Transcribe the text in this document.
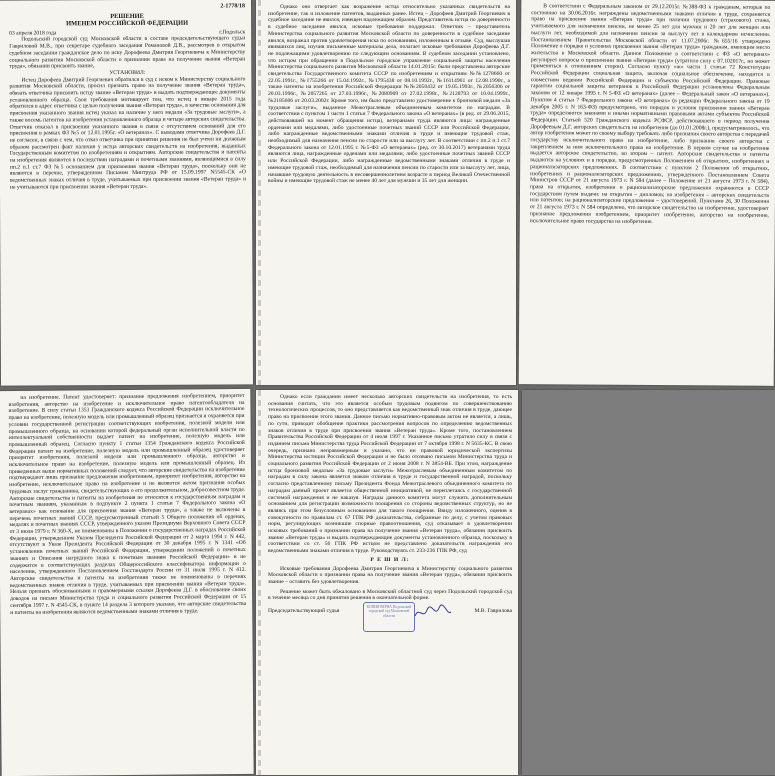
2-1778/18
РЕШЕНИЕ
ИМЕНЕМ РОССИЙСКОЙ ФЕДЕРАЦИИ
03 апреля 2018 года	г.Подольск

Подольский городской суд Московской области в составе председательствующего судьи Гавриловой М.В., при секретаре судебного заседания Романовой Д.В., рассмотрев в открытом судебном заседании гражданское дело по иску Дорофеева Дмитрия Георгиевича к Министерству социального развития Московской области о признании права на получение звания «Ветеран труда», обязании присвоить звание,

УСТАНОВИЛ:

Истец Дорофеев Дмитрий Георгиевич обратился в суд с иском к Министерству социального развития Московской области, просил признать право на получение звания «Ветеран труда», обязать ответчика присвоить истцу звание «Ветеран труда» и выдать подтверждающее документы установленного образца. Свои требования мотивирует тем, что истец в январе 2015 года обратился в адрес ответчика с целью получения звания «Ветеран труда», в качестве основания для присвоения указанного звания истец указал на наличие у него медали «За трудовые заслуги», а также восемь патентов на изобретения установленного образца и четыре авторских свидетельства. Ответчик отказал в присвоении указанного звания в связи с отсутствием оснований для его присвоения в рамках ФЗ №5 от 12.01.1995г. «О ветеранах». С выводами ответчика Дорофеев Д.Г. не согласен, в связи с чем, что отказ ответчика при принятии решения не был учтен ни должным образом рассмотрен факт наличия у истца авторских свидетельств на изобретения, выданных Государственным комитетом по изобретениям и открытиям. Авторские свидетельства и патенты на изобретения являются в последствии наградами и почетными званиями, являющимися в силу пп.2 п.1 ст.7 ФЗ №5 основанием для присвоения звания «Ветеран труда», поскольку они не являются в перечне, утвержденном Письмом Минтруда РФ от 15.09.1997 N5545-СК «О ведомственных знаках отличия в труде, учитываемых при присвоении звания «Ветеран труда» и не учитываются при присвоении звания «Ветеран труда».

Однако оно отвергает как возражение истца относительно указанных свидетельств на изобретение, так и изложение патентов, выданных ранее. Истец – Дорофеев Дмитрий Георгиевич в судебное заседание не явился, извещен надлежащим образом. Представитель истца по доверенности в судебное заседание явился, исковые требования поддержал. Ответчик – представитель Министерства социального развития Московской области по доверенности в судебное заседание явился, возражал против удовлетворения иска по основаниям, изложенным в отзыве. Суд, выслушав явившихся лиц, изучив письменные материалы дела, полагает исковые требования Дорофеева Д.Г. не подлежащими удовлетворению по следующим основаниям. В судебном заседании установлено, что истцом при обращении в Подольское городское управление социальной защиты населения Министерства социального развития Московской области 14.01.2015г. были представлены авторские свидетельства Государственного комитета СССР по изобретениям и открытиям №№1278660 от 22.05.1991г., №1755266 от 15.04.1992г., №1795438 от 08.10.1992г., №16114961 от 12.08.1990г., а также патенты на изобретения Российской Федерации №№2050432 от 19.05.1993г., №2056306 от 20.03.1996г., №2057265 от 27.03.1996г., №2080909 от 27.02.1998г., №2128793 от 10.04.1999г., №2185606 от 20.03.2002г. Кроме того, им было представлено удостоверение к бронзовой медали «За трудовые заслуги», выданное Межотраслевым объединенным комитетом по наградам. В соответствии с пунктом 1 части 1 статьи 7 Федерального закона «О ветеранах» (в ред. от 29.06.2015, действовавшей на момент обращения истца), ветеранами труда являются лица: награжденные орденами или медалями, либо удостоенные почетных званий СССР или Российской Федерации, либо награжденные ведомственными знаками отличия в труде и имеющие трудовой стаж, необходимый для назначения пенсии по старости или за выслугу лет. В соответствии с пп.2 п.1 ст.7 Федерального закона от 12.01.1995 г. №5-ФЗ «О ветеранах» (ред. от 30.10.2017) ветеранами труда являются лица, награжденные орденами или медалями, либо удостоенные почетных званий СССР или Российской Федерации, либо награжденные ведомственными знаками отличия в труде и имеющие трудовой стаж, необходимый для назначения пенсии по старости или за выслугу лет, лица, начавшие трудовую деятельность в несовершеннолетнем возрасте в период Великой Отечественной войны и имеющие трудовой стаж не менее 40 лет для мужчин и 35 лет для женщин.

В соответствии с Федеральным законом от 29.12.2015г. №388-ФЗ к гражданам, которые по состоянию на 30.06.2016г. награждены ведомственными знаками отличия в труде, сохраняется право на присвоение звания «Ветеран труда» при наличии трудового (страхового) стажа, учитываемого для назначения пенсии, не менее 25 лет для мужчин и 20 лет для женщин или выслуги лет, необходимой для назначения пенсии за выслугу лет в календарном исчислении. Постановлением Правительства Московской области от 11.07.2006г. №655/16 утверждено Положение о порядке и условиях присвоения звания «Ветеран труда» гражданам, имеющим место жительства в Московской области. Данное Положение в соответствии с ФЗ «О ветеранах» регулирует вопросы о присвоении звания «Ветеран труда» (утратило силу с 07.102017г., но может применяться к отношениям сторон). Согласно пункту «ж» части 1 статьи 72 Конституции Российской Федерации социальная защита, включая социальное обеспечение, находится в совместном ведении Российской Федерации и субъектов Российской Федерации. Правовые гарантии социальной защиты ветеранов в Российской Федерации установлены Федеральным законом от 12 января 1995 г. N 5-ФЗ «О ветеранах» (далее – Федеральный закон «О ветеранах»). Пунктом 4 статьи 7 Федерального закона «О ветеранах» (в редакции Федерального закона от 19 декабря 2005 г. N 163-ФЗ) предусмотрено, что порядок и условия присвоения звания «Ветеран труда» определяются законами и иными нормативными правовыми актами субъектов Российской Федерации. Статьей 520 Гражданского кодекса РСФСР, действовавшего в период получения Дорофеевым Д.Г. авторских свидетельств на изобретения (до 01.01.2008г.), предусматривалось, что автор изобретения может по своему выбору требовать либо признания своего авторства с передачей государству исключительного права на изобретение, либо признания своего авторства с закреплением за ним исключительного права на изобретение. В первом случае на изобретение выдается авторское свидетельство, во втором – патент. Авторские свидетельства и патенты выдаются на условиях и в порядке, предусмотренных Положением об открытиях, изобретениях и рационализаторских предложениях. В соответствии с пунктом 2 Положения об открытиях, изобретениях и рационализаторских предложениях, утвержденного Постановлением Совета Министров СССР от 21 августа 1973 г. N 584 (далее – Положение от 21 августа 1973 г. N 584), права на открытия, изобретения и рационализаторские предложения охраняются в СССР государством путем выдачи: на открытия – дипломов; на изобретения – авторских свидетельств или патентов; на рационализаторские предложения – удостоверений. Пунктами 26, 30 Положения от 21 августа 1973 г. N 584 определено, что авторское свидетельство на изобретение, удостоверяет признание предложения изобретением, приоритет изобретения, авторство на изобретение, исключительное право государства на изобретение.

на изобретение. Патент удостоверяет: признание предложения изобретением, приоритет изобретения, авторство на изобретение и исключительное право патентообладателя на изобретение. В силу статьи 1353 Гражданского кодекса Российской Федерации исключительное право на изобретение, полезную модель или промышленный образец признается и охраняется при условии государственной регистрации соответствующих изобретения, полезной модели или промышленного образца, на основании которой федеральный орган исполнительной власти по интеллектуальной собственности выдает патент на изобретение, полезную модель или промышленный образец. Согласно пункту 1 статьи 1354 Гражданского кодекса Российской Федерации патент на изобретение, полезную модель или промышленный образец удостоверяет приоритет изобретения, полезной модели или промышленного образца, авторство и исключительное право на изобретение, полезную модель или промышленный образец. Из приведенных выше нормативных положений следует, что авторские свидетельства на изобретение подтверждают лишь признание предложения изобретением, приоритет изобретения, авторство на изобретение, исключительное право на изобретение и не являются актом признания особых трудовых заслуг гражданина, свидетельствующих о его продолжительном, добросовестном труде. Авторские свидетельства и патенты на изобретения не относятся к государственным наградам и почетным званиям, указанным в подпункте 2 пункта 1 статьи 7 Федерального закона «О ветеранах» как основание для присвоения звания «Ветеран труда», а также не включены в перечень почетных званий СССР, предусмотренный статьей 5 Общего положения об орденах, медалях и почетных званиях СССР, утвержденного указом Президиума Верховного Совета СССР от 3 июля 1979 г. N 360-X, не поименованы в Положении о государственных наградах Российской Федерации, утвержденном Указом Президента Российской Федерации от 2 марта 1994 г. N 442, отсутствуют в Указе Президента Российской Федерации от 30 декабря 1995 г. N 1341 «Об установлении почетных званий Российской Федерации, утверждении положений о почетных званиях и Описания нагрудного знака к почетным званиям Российской Федерации» и не содержатся в соответствующих разделах Общероссийского классификатора информации о населении, утвержденного Постановлением Госстандарта России от 31 июля 1995 г. N 412. Авторские свидетельства и патенты на изобретения также не поименованы в перечнях ведомственных знаков отличия в труде, учитываемых при присвоении звания «Ветеран труда». Нельзя признать обоснованными и правомерными ссылки Дорофеева Д.Г. в обоснование своих доводов на письмо Министерства труда и социального развития Российской Федерации от 15 сентября 1997 г. N 4545-СК, в пункте 14 раздела 3 которого указано, что авторские свидетельства и патенты на изобретения являются ведомственными знаками отличия в труде.

Однако если гражданин имеет несколько авторских свидетельств на изобретения, то есть основания считать, что это является особым трудовым подвигом по совершенствованию технологических процессов, то оно представляется как ведомственный знак отличия в труде, дающее право на присвоение этого звания. Данное письмо нормативно-правовым актом не является, а лишь, по сути, приводит обобщение практики рассмотрения вопросов по определению ведомственных знаков отличия в труде при присвоении звания «Ветеран труда». Кроме того, постановлением Правительства Российской Федерации от 4 июля 1997 г. Указанное письмо утратило силу в связи с изданием письма Министерства труда Российской Федерации от 7 октября 1998 г. N 5635-КС. В свою очередь, признано неправомерным и указано, что ни правовой юридической экспертизы Министерства юстиции Российской Федерации и не было отозвано письмом Министерства труда и социального развития Российской Федерации от 2 июня 2008 г. N 3854-ВБ. При этом, награждение истца бронзовой медалью «За трудовые заслуги» Межотраслевым объединенным комитетом по наградам в силу закона является знаком отличия в труде и государственной наградой, поскольку согласно представленному письму Президента Фонда Межотраслевого объединенного комитета по наградам данный проект является общественной инициативой, не переплетаясь с государственной системой награждения и не наказуя. Награды данного комитета могут служить дополнительным основанием для регистрации возможности поощрения со стороны ведомственных структур, но не являясь при этом безусловным основанием для такого поощрения. Ввиду изложенного, оценив в совокупности по правилам ст. 67 ГПК РФ доказательства, собранные по делу, с учетом правовых норм, регулирующих возникшие спорные правоотношения, суд отказывает в удовлетворении исковых требований о признании права на получение звания «Ветеран труда», обязании присвоить звание «Ветеран труда» и выдать подтверждающие документы установленного образца, поскольку в соответствии со ст. 56 ГПК РФ истцом не представлено доказательств награждения его ведомственными знаками отличия в труде. Руководствуясь ст. 233-236 ГПК РФ, суд

Р Е Ш И Л:

Исковые требования Дорофеева Дмитрия Георгиевича к Министерству социального развития Московской области о признании права на получение звания «Ветеран труда», обязании присвоить звание – оставить без удовлетворения.

Решение может быть обжаловано в Московский областной суд через Подольский городской суд в течение месяца со дня принятия решения в окончательной форме.

Председательствующий судья	М.В. Гаврилова
КОПИЯ ВЕРНА Подольский городской суд Московской области
